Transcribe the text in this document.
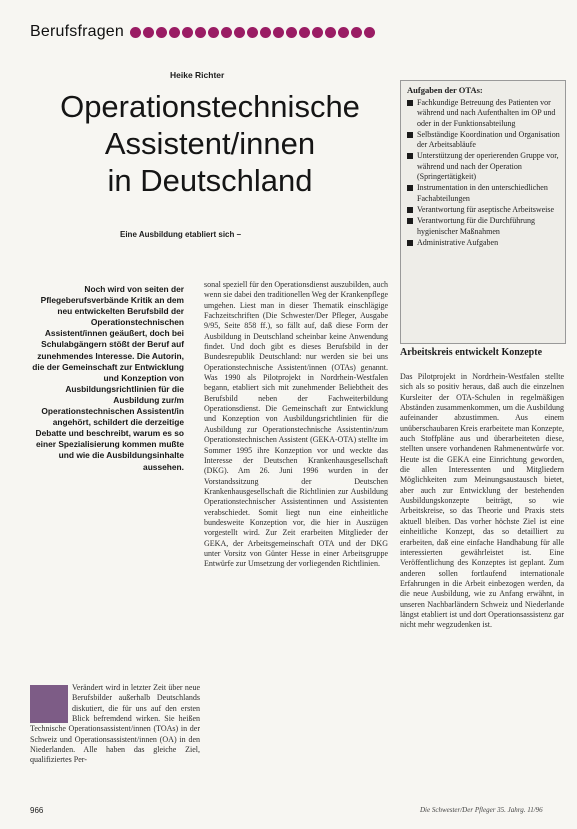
Berufsfragen
Heike Richter
Operationstechnische
Assistent/innen
in Deutschland
Eine Ausbildung etabliert sich –
Noch wird von seiten der Pflegeberufsverbände Kritik an dem neu entwickelten Berufsbild der Operationstechnischen Assistent/innen geäußert, doch bei Schulabgängern stößt der Beruf auf zunehmendes Interesse. Die Autorin, die der Gemeinschaft zur Entwicklung und Konzeption von Ausbildungsrichtlinien für die Ausbildung zur/m Operationstechnischen Assistent/in angehört, schildert die derzeitige Debatte und beschreibt, warum es so einer Spezialisierung kommen mußte und wie die Ausbildungsinhalte aussehen.

sonal speziell für den Operationsdienst auszubilden, auch wenn sie dabei den traditionellen Weg der Krankenpflege umgehen. Liest man in dieser Thematik einschlägige Fachzeitschriften (Die Schwester/Der Pfleger, Ausgabe 9/95, Seite 858 ff.), so fällt auf, daß diese Form der Ausbildung in Deutschland scheinbar keine Anwendung findet. Und doch gibt es dieses Berufsbild in der Bundesrepublik Deutschland: nur werden sie bei uns Operationstechnische Assistent/innen (OTAs) genannt. Was 1990 als Pilotprojekt in Nordrhein-Westfalen begann, etabliert sich mit zunehmender Beliebtheit des Berufsbild neben der Fachweiterbildung Operationsdienst. Die Gemeinschaft zur Entwicklung und Konzeption von Ausbildungsrichtlinien für die Ausbildung zur Operationstechnische Assistentin/zum Operationstechnischen Assistent (GEKA-OTA) stellte im Sommer 1995 ihre Konzeption vor und weckte das Interesse der Deutschen Krankenhausgesellschaft (DKG). Am 26. Juni 1996 wurden in der Vorstandssitzung der Deutschen Krankenhausgesellschaft die Richtlinien zur Ausbildung Operationstechnischer Assistentinnen und Assistenten verabschiedet. Somit liegt nun eine einheitliche bundesweite Konzeption vor, die hier in Auszügen vorgestellt wird. Zur Zeit erarbeiten Mitglieder der GEKA, der Arbeitsgemeinschaft OTA und der DKG unter Vorsitz von Günter Hesse in einer Arbeitsgruppe Entwürfe zur Umsetzung der vorliegenden Richtlinien.

Verändert wird in letzter Zeit über neue Berufsbilder außerhalb Deutschlands diskutiert, die für uns auf den ersten Blick befremdend wirken. Sie heißen Technische Operationsassistent/innen (TOAs) in der Schweiz und Operationsassistent/innen (OA) in den Niederlanden. Alle haben das gleiche Ziel, qualifiziertes Per-

Aufgaben der OTAs:
Fachkundige Betreuung des Patienten vor während und nach Aufenthalten im OP und oder in der Funktionsabteilung
Selbständige Koordination und Organisation der Arbeitsabläufe
Unterstützung der operierenden Gruppe vor, während und nach der Operation (Springertätigkeit)
Instrumentation in den unterschiedlichen Fachabteilungen
Verantwortung für aseptische Arbeitsweise
Verantwortung für die Durchführung hygienischer Maßnahmen
Administrative Aufgaben
Arbeitskreis entwickelt Konzepte

Das Pilotprojekt in Nordrhein-Westfalen stellte sich als so positiv heraus, daß auch die einzelnen Kursleiter der OTA-Schulen in regelmäßigen Abständen zusammenkommen, um die Ausbildung aufeinander abzustimmen. Aus einem unüberschaubaren Kreis erarbeitete man Konzepte, auch Stoffpläne aus und überarbeiteten diese, stellten unsere vorhandenen Rahmenentwürfe vor. Heute ist die GEKA eine Einrichtung geworden, die allen Interessenten und Mitgliedern Möglichkeiten zum Meinungsaustausch bietet, aber auch zur Entwicklung der bestehenden Ausbildungskonzepte beiträgt, so wie Arbeitskreise, so das Theorie und Praxis stets aktuell bleiben. Das vorher höchste Ziel ist eine einheitliche Konzept, das so detailliert zu erarbeiten, daß eine einfache Handhabung für alle interessierten gewährleistet ist. Eine Veröffentlichung des Konzeptes ist geplant. Zum anderen sollen fortlaufend internationale Erfahrungen in die Arbeit einbezogen werden, da die neue Ausbildung, wie zu Anfang erwähnt, in unseren Nachbarländern Schweiz und Niederlande längst etabliert ist und dort Operationsassistenz gar nicht mehr wegzudenken ist.

966	Die Schwester/Der Pfleger 35. Jahrg. 11/96
